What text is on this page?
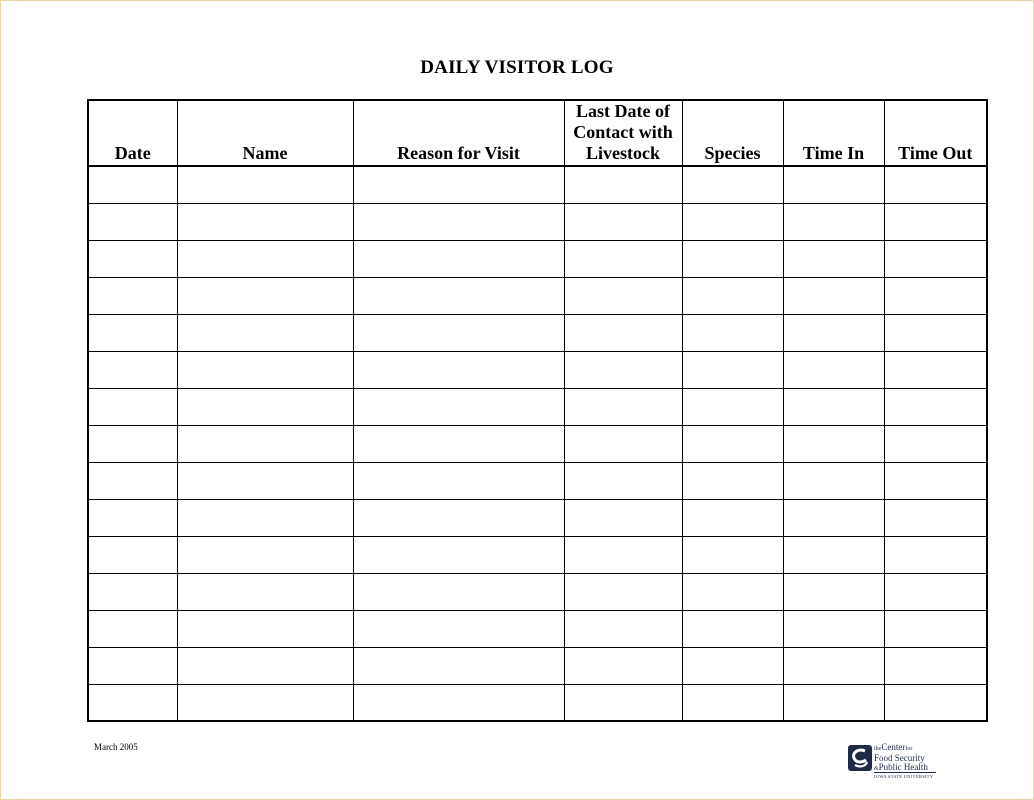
DAILY VISITOR LOG
Date	Name	Reason for Visit	Last Date of
Contact with
Livestock	Species	Time In	Time Out

March 2005	theCenterfor
Food Security
&Public Health
IOWA STATE UNIVERSITY
